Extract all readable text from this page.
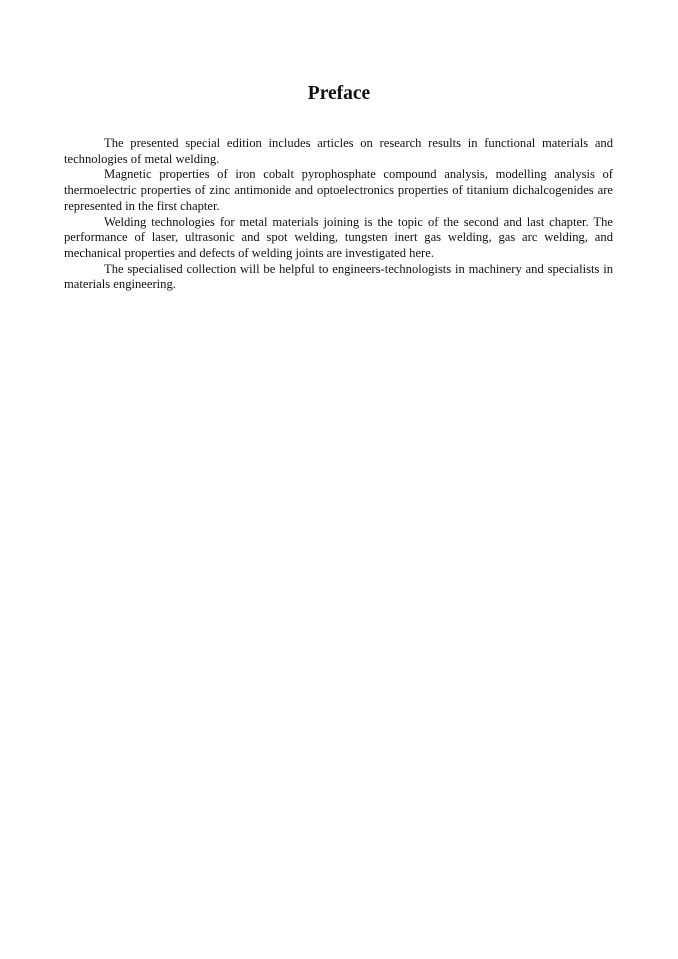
Preface

The presented special edition includes articles on research results in functional materials and technologies of metal welding.

Magnetic properties of iron cobalt pyrophosphate compound analysis, modelling analysis of thermoelectric properties of zinc antimonide and optoelectronics properties of titanium dichalcogenides are represented in the first chapter.

Welding technologies for metal materials joining is the topic of the second and last chapter. The performance of laser, ultrasonic and spot welding, tungsten inert gas welding, gas arc welding, and mechanical properties and defects of welding joints are investigated here.

The specialised collection will be helpful to engineers-technologists in machinery and specialists in materials engineering.
